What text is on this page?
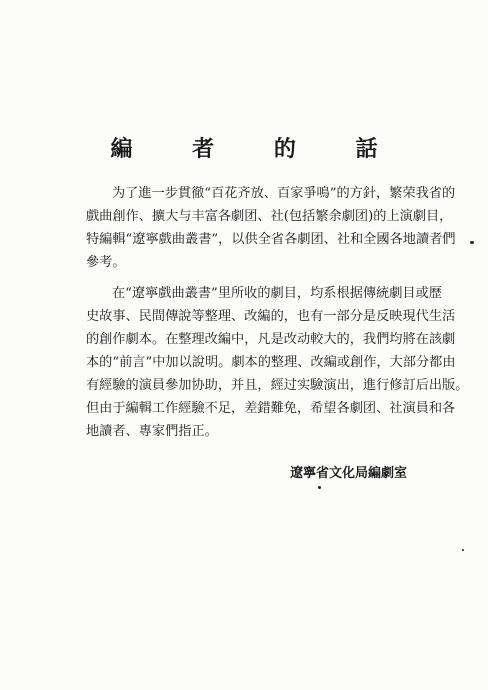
編 者 的 話

为了進一步貫徹“百花齐放、百家爭鳴”的方針，繁荣我省的
戲曲創作、擴大与丰富各劇团、社(包括繁余劇团)的上演劇目，
特編輯“遼寧戲曲叢書”，以供全省各劇团、社和全國各地讀者們
參考。

在“遼寧戲曲叢書”里所收的劇目，均系根据傳統劇目或歷
史故事、民間傳說等整理、改編的，也有一部分是反映現代生活
的創作劇本。在整理改編中，凡是改动較大的，我們均將在該劇
本的“前言”中加以說明。劇本的整理、改編或創作，大部分都由
有經驗的演員參加协助，并且，經过实驗演出，進行修訂后出版。
但由于編輯工作經驗不足，差錯難免，希望各劇团、社演員和各
地讀者、專家們指正。

遼寧省文化局編劇室
